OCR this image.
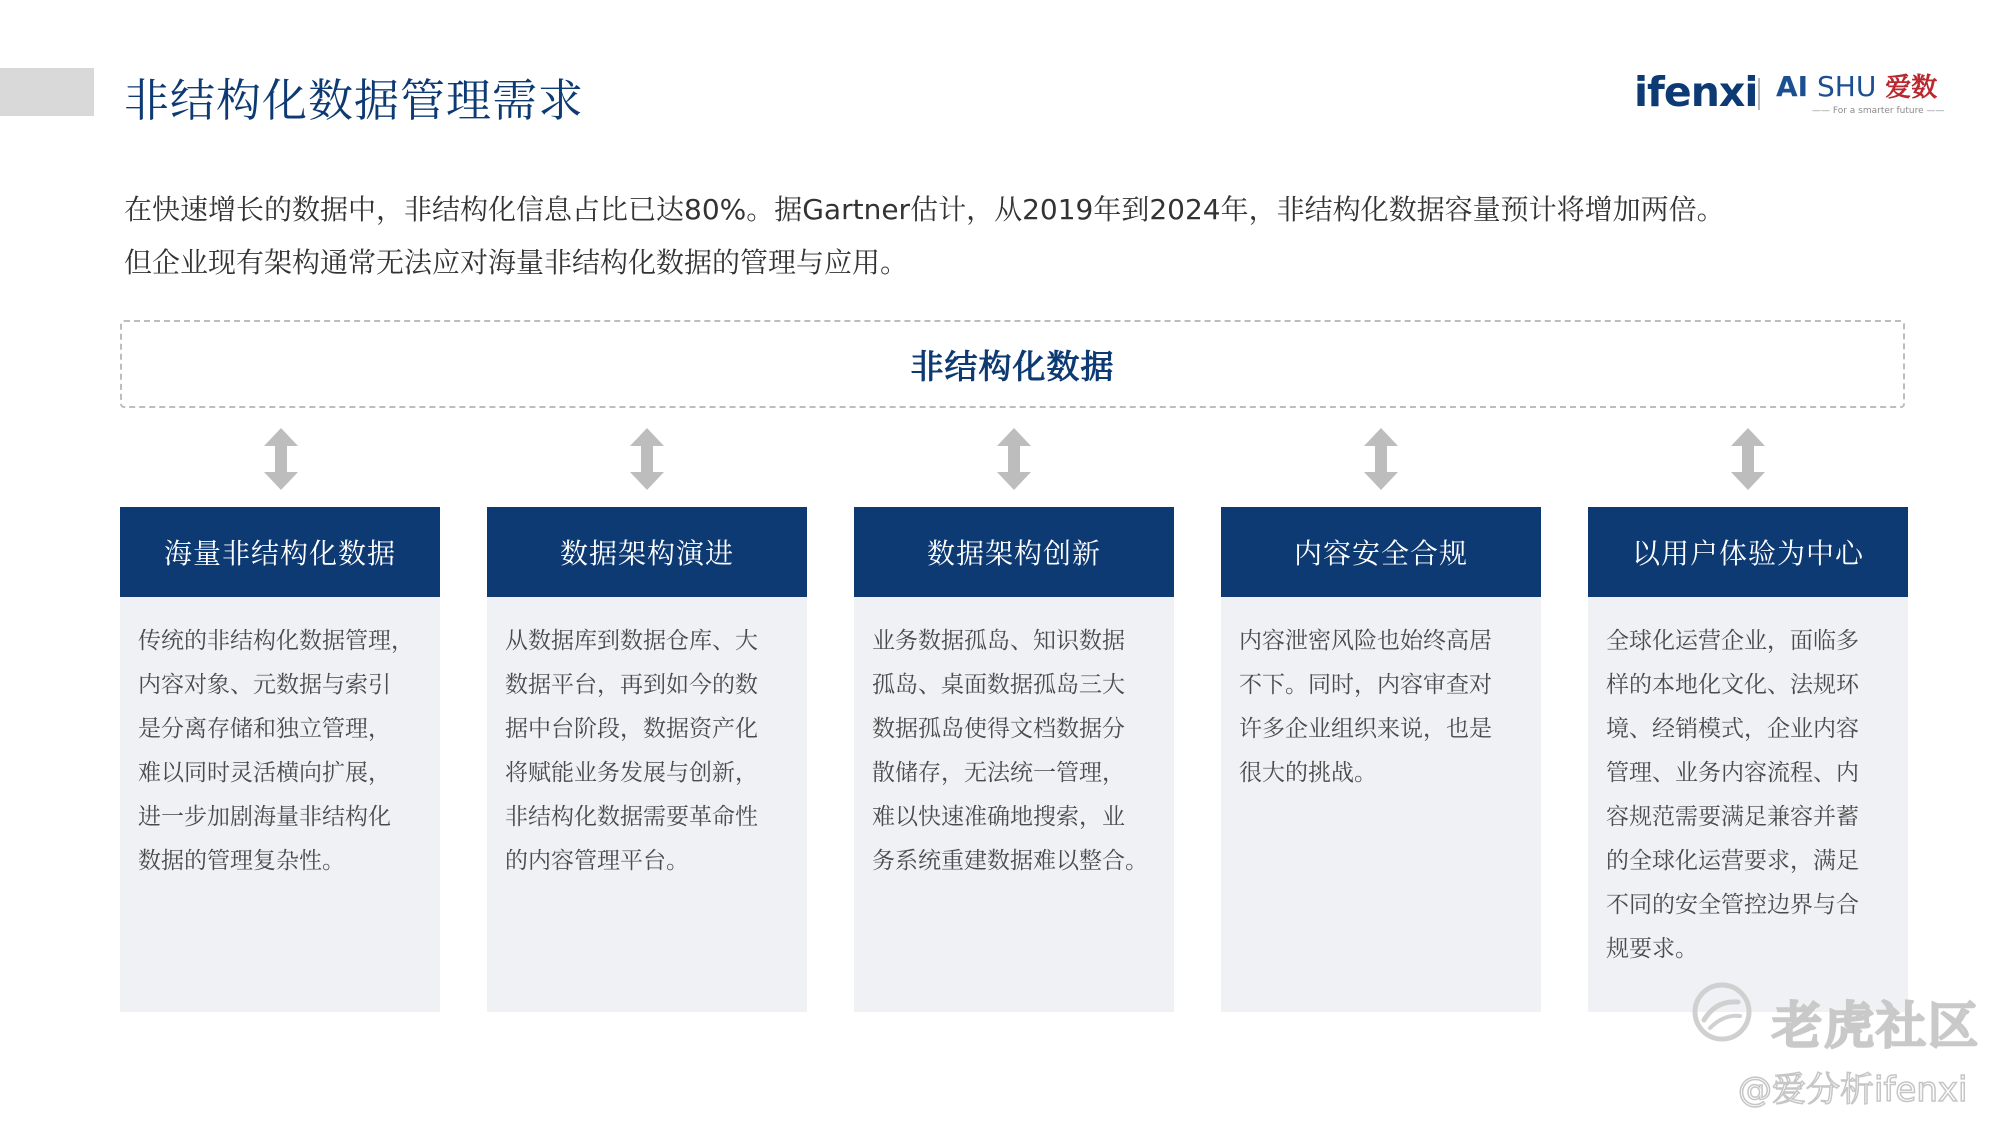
非结构化数据管理需求	ifenxi AI SHU 爱数
—— For a smarter future ——

在快速增长的数据中，非结构化信息占比已达80%。据Gartner估计，从2019年到2024年，非结构化数据容量预计将增加两倍。

但企业现有架构通常无法应对海量非结构化数据的管理与应用。

非结构化数据
海量非结构化数据

传统的非结构化数据管理，

内容对象、元数据与索引

是分离存储和独立管理，

难以同时灵活横向扩展，

进一步加剧海量非结构化

数据的管理复杂性。

数据架构演进

从数据库到数据仓库、大

数据平台，再到如今的数

据中台阶段，数据资产化

将赋能业务发展与创新，

非结构化数据需要革命性

的内容管理平台。

数据架构创新

业务数据孤岛、知识数据

孤岛、桌面数据孤岛三大

数据孤岛使得文档数据分

散储存，无法统一管理，

难以快速准确地搜索，业

务系统重建数据难以整合。

内容安全合规

内容泄密风险也始终高居

不下。同时，内容审查对

许多企业组织来说，也是

很大的挑战。

以用户体验为中心

全球化运营企业，面临多

样的本地化文化、法规环

境、经销模式，企业内容

管理、业务内容流程、内

容规范需要满足兼容并蓄

的全球化运营要求，满足

不同的安全管控边界与合

规要求。

老虎社区
@爱分析ifenxi
